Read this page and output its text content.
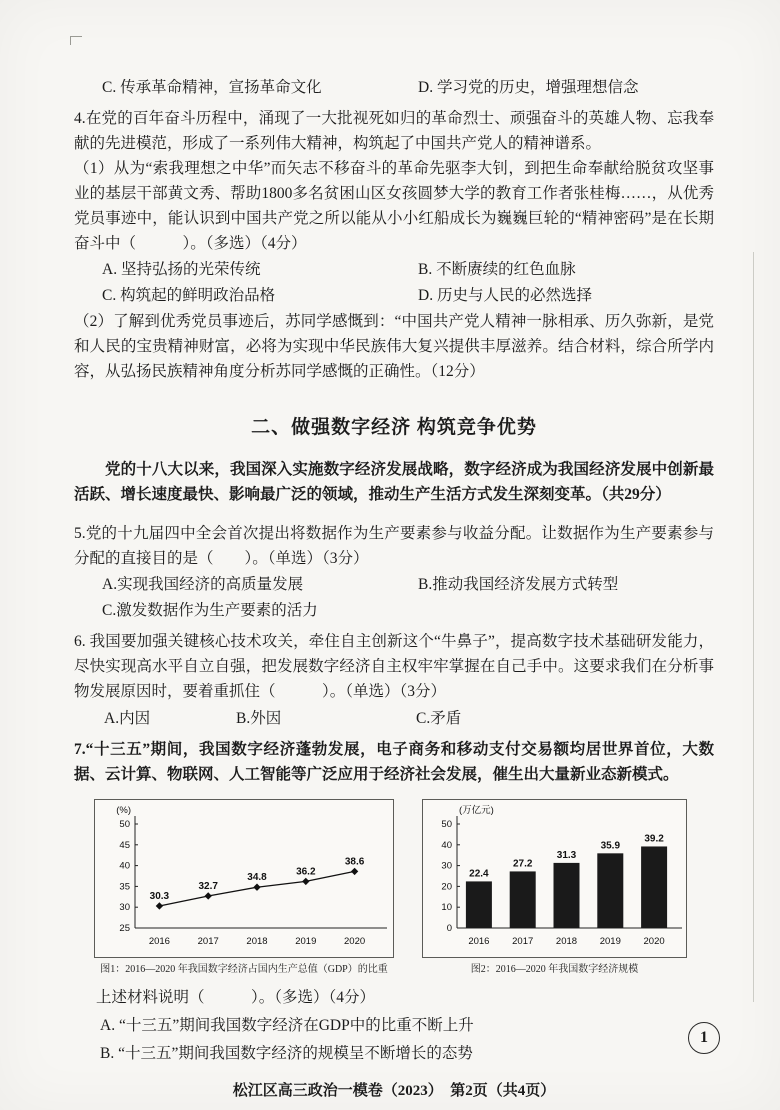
C. 传承革命精神，宣扬革命文化	D. 学习党的历史，增强理想信念

4.在党的百年奋斗历程中，涌现了一大批视死如归的革命烈士、顽强奋斗的英雄人物、忘我奉献的先进模范，形成了一系列伟大精神，构筑起了中国共产党人的精神谱系。

（1）从为“索我理想之中华”而矢志不移奋斗的革命先驱李大钊，到把生命奉献给脱贫攻坚事业的基层干部黄文秀、帮助1800多名贫困山区女孩圆梦大学的教育工作者张桂梅……，从优秀党员事迹中，能认识到中国共产党之所以能从小小红船成长为巍巍巨轮的“精神密码”是在长期奋斗中（　　　）。（多选）（4分）

A. 坚持弘扬的光荣传统	B. 不断赓续的红色血脉
C. 构筑起的鲜明政治品格	D. 历史与人民的必然选择

（2）了解到优秀党员事迹后，苏同学感慨到：“中国共产党人精神一脉相承、历久弥新，是党和人民的宝贵精神财富，必将为实现中华民族伟大复兴提供丰厚滋养。结合材料，综合所学内容，从弘扬民族精神角度分析苏同学感慨的正确性。（12分）

二、做强数字经济 构筑竞争优势

党的十八大以来，我国深入实施数字经济发展战略，数字经济成为我国经济发展中创新最活跃、增长速度最快、影响最广泛的领域，推动生产生活方式发生深刻变革。（共29分）

5.党的十九届四中全会首次提出将数据作为生产要素参与收益分配。让数据作为生产要素参与分配的直接目的是（　　）。（单选）（3分）

A.实现我国经济的高质量发展	B.推动我国经济发展方式转型
C.激发数据作为生产要素的活力

6. 我国要加强关键核心技术攻关，牵住自主创新这个“牛鼻子”，提高数字技术基础研发能力，尽快实现高水平自立自强，把发展数字经济自主权牢牢掌握在自己手中。这要求我们在分析事物发展原因时，要着重抓住（　　　）。（单选）（3分）

A.内因	B.外因	C.矛盾

7.“十三五”期间，我国数字经济蓬勃发展，电子商务和移动支付交易额均居世界首位，大数据、云计算、物联网、人工智能等广泛应用于经济社会发展，催生出大量新业态新模式。

25
30
35
40
45
50
(%)
30.3
2016
32.7
2017
34.8
2018
36.2
2019
38.6
2020
图1：2016—2020 年我国数字经济占国内生产总值（GDP）的比重
0
10
20
30
40
50
(万亿元)
22.4
2016
27.2
2017
31.3
2018
35.9
2019
39.2
2020
图2：2016—2020 年我国数字经济规模

上述材料说明（　　　）。（多选）（4分）

A. “十三五”期间我国数字经济在GDP中的比重不断上升

B. “十三五”期间我国数字经济的规模呈不断增长的态势

松江区高三政治一模卷（2023）　第2页（共4页）
1
